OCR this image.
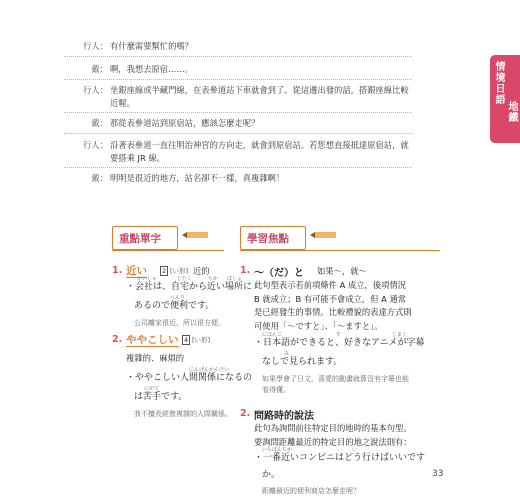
行人： 有什麼需要幫忙的嗎？
戴： 啊，我想去原宿……。
行人： 坐銀座線或半藏門線，在表參道站下車就會到了。從這邊出發的話，搭銀座線比較近喔。
戴： 那從表參道站到原宿站，應該怎麼走呢？
行人： 沿著表參道一直往明治神宮的方向走，就會到原宿站。若您想直接抵達原宿站，就要搭乘 JR 線。
戴： 明明是很近的地方，站名卻不一樣，真複雜啊！
情境日語
地鐵
重點單字	學習焦點
1. 近い	2 [い形] 近的
かいしゃ	じたく	ちか ばしょ
べんり
・会社は、自宅から近い場所に
あるので便利です。
公司離家很近，所以很方便。
2. ややこしい 4 [い形]
複雜的、麻煩的
にんげんかんけい
にがて
・ややこしい人間関係になるの
は苦手です。
我不擅長經營複雜的人際關係。
1. ～（だ）と 如果～，就～
此句型表示若前項條件 A 成立，後項情況
B 就成立；B 有可能不會成立，但 A 通常
是已經發生的事情。比較禮貌的表達方式則
可使用「～ですと」、「～ますと」。
にほんご	す	じまく
み
・日本語ができると、好きなアニメが字幕
なしで見られます。
如果學會了日文，喜愛的動畫就算沒有字幕也能
看得懂。
2. 問路時的說法
此句為詢問前往特定目的地時的基本句型。
要詢問距離最近的特定目的地之說法則有：
いちばんちか	い
・一番近いコンビニはどう行けばいいです
か。
距離最近的便利商店怎麼走呢？
33
